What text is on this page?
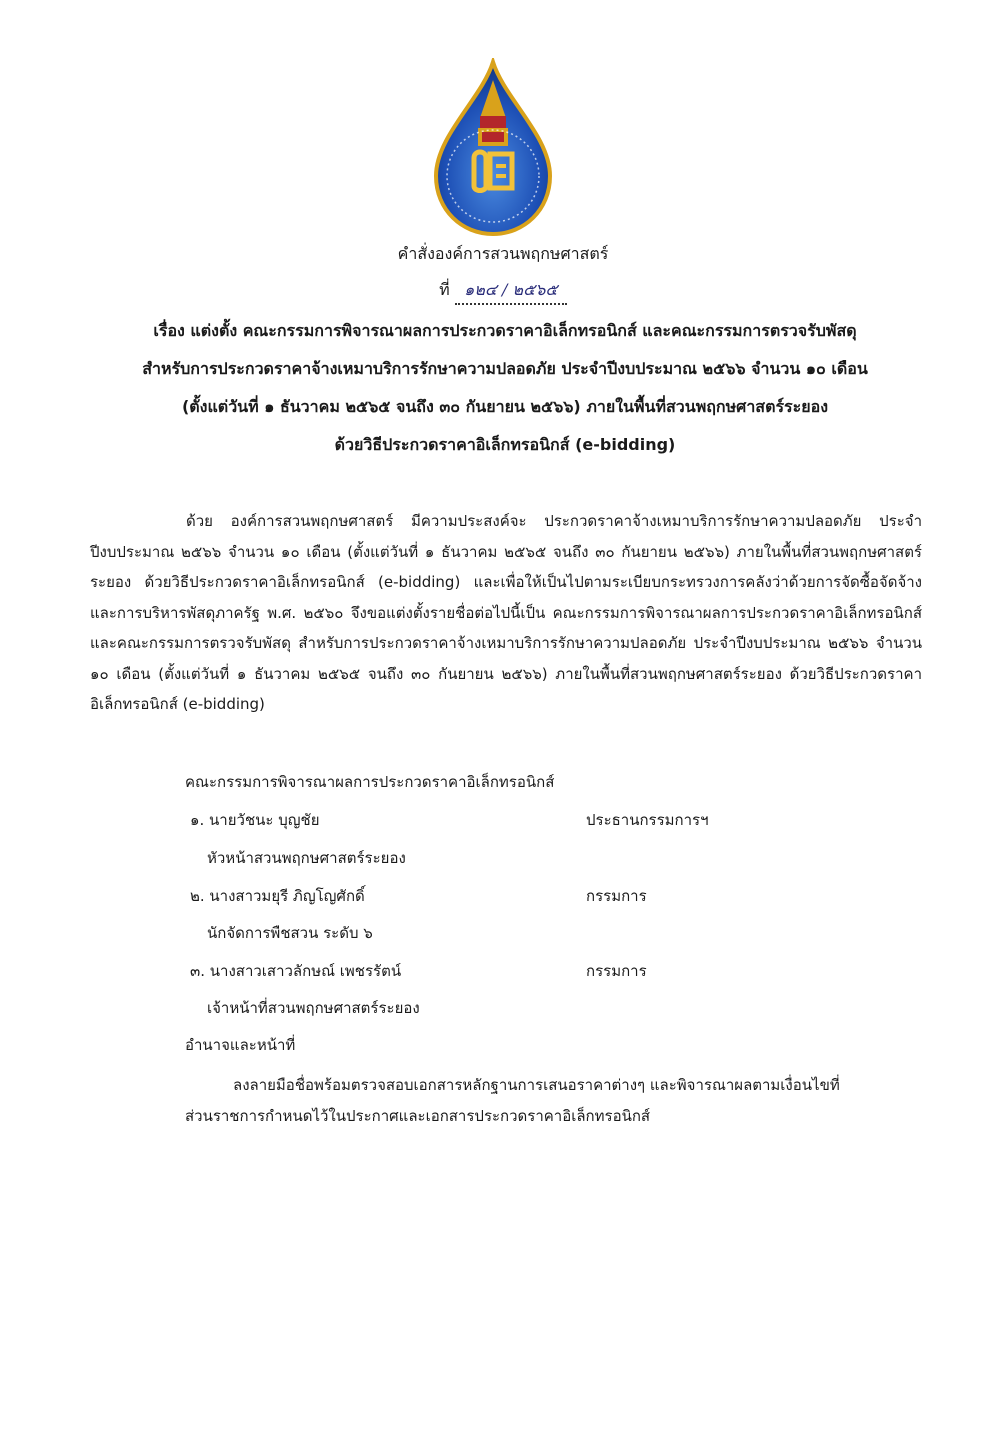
คำสั่งองค์การสวนพฤกษศาสตร์
ที่ ๑๒๔ / ๒๕๖๕
เรื่อง แต่งตั้ง คณะกรรมการพิจารณาผลการประกวดราคาอิเล็กทรอนิกส์ และคณะกรรมการตรวจรับพัสดุ
สำหรับการประกวดราคาจ้างเหมาบริการรักษาความปลอดภัย ประจำปีงบประมาณ ๒๕๖๖ จำนวน ๑๐ เดือน
(ตั้งแต่วันที่ ๑ ธันวาคม ๒๕๖๕ จนถึง ๓๐ กันยายน ๒๕๖๖) ภายในพื้นที่สวนพฤกษศาสตร์ระยอง
ด้วยวิธีประกวดราคาอิเล็กทรอนิกส์ (e-bidding)
ด้วย องค์การสวนพฤกษศาสตร์ มีความประสงค์จะ ประกวดราคาจ้างเหมาบริการรักษาความปลอดภัย ประจำปีงบประมาณ ๒๕๖๖ จำนวน ๑๐ เดือน (ตั้งแต่วันที่ ๑ ธันวาคม ๒๕๖๕ จนถึง ๓๐ กันยายน ๒๕๖๖) ภายในพื้นที่สวนพฤกษศาสตร์ระยอง ด้วยวิธีประกวดราคาอิเล็กทรอนิกส์ (e-bidding) และเพื่อให้เป็นไปตามระเบียบกระทรวงการคลังว่าด้วยการจัดซื้อจัดจ้าง และการบริหารพัสดุภาครัฐ พ.ศ. ๒๕๖๐ จึงขอแต่งตั้งรายชื่อต่อไปนี้เป็น คณะกรรมการพิจารณาผลการประกวดราคาอิเล็กทรอนิกส์ และคณะกรรมการตรวจรับพัสดุ สำหรับการประกวดราคาจ้างเหมาบริการรักษาความปลอดภัย ประจำปีงบประมาณ ๒๕๖๖ จำนวน ๑๐ เดือน (ตั้งแต่วันที่ ๑ ธันวาคม ๒๕๖๕ จนถึง ๓๐ กันยายน ๒๕๖๖) ภายในพื้นที่สวนพฤกษศาสตร์ระยอง ด้วยวิธีประกวดราคาอิเล็กทรอนิกส์ (e-bidding)
คณะกรรมการพิจารณาผลการประกวดราคาอิเล็กทรอนิกส์
๑. นายวัชนะ บุญชัย	ประธานกรรมการฯ
หัวหน้าสวนพฤกษศาสตร์ระยอง
๒. นางสาวมยุรี ภิญโญศักดิ์	กรรมการ
นักจัดการพืชสวน ระดับ ๖
๓. นางสาวเสาวลักษณ์ เพชรรัตน์	กรรมการ
เจ้าหน้าที่สวนพฤกษศาสตร์ระยอง
อำนาจและหน้าที่
ลงลายมือชื่อพร้อมตรวจสอบเอกสารหลักฐานการเสนอราคาต่างๆ และพิจารณาผลตามเงื่อนไขที่
ส่วนราชการกำหนดไว้ในประกาศและเอกสารประกวดราคาอิเล็กทรอนิกส์
